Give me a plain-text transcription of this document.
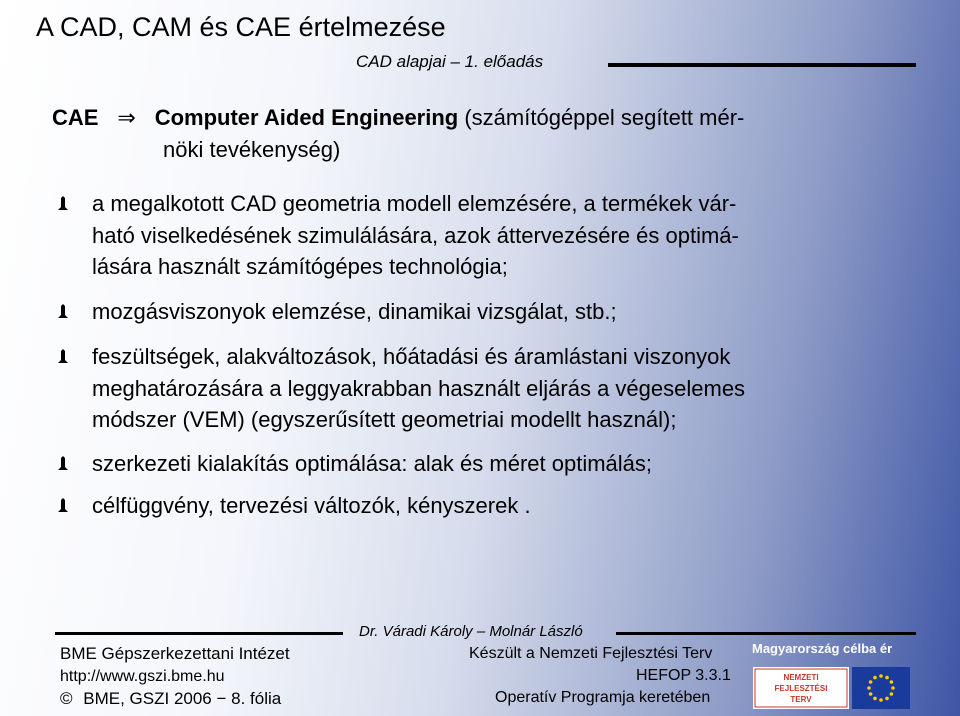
A CAD, CAM és CAE értelmezése
CAD alapjai – 1. előadás
CAE ⇒ Computer Aided Engineering (számítógéppel segített mér-
nöki tevékenység)
a megalkotott CAD geometria modell elemzésére, a termékek vár-
ható viselkedésének szimulálására, azok áttervezésére és optimá-
lására használt számítógépes technológia;
mozgásviszonyok elemzése, dinamikai vizsgálat, stb.;
feszültségek, alakváltozások, hőátadási és áramlástani viszonyok
meghatározására a leggyakrabban használt eljárás a végeselemes
módszer (VEM) (egyszerűsített geometriai modellt használ);
szerkezeti kialakítás optimálása: alak és méret optimálás;
célfüggvény, tervezési változók, kényszerek .
Dr. Váradi Károly – Molnár László
BME Gépszerkezettani Intézet
http://www.gszi.bme.hu
© BME, GSZI 2006 − 8. fólia
Készült a Nemzeti Fejlesztési Terv
HEFOP 3.3.1
Operatív Programja keretében
Magyarország célba ér
NEMZETI
FEJLESZTÉSI
TERV
